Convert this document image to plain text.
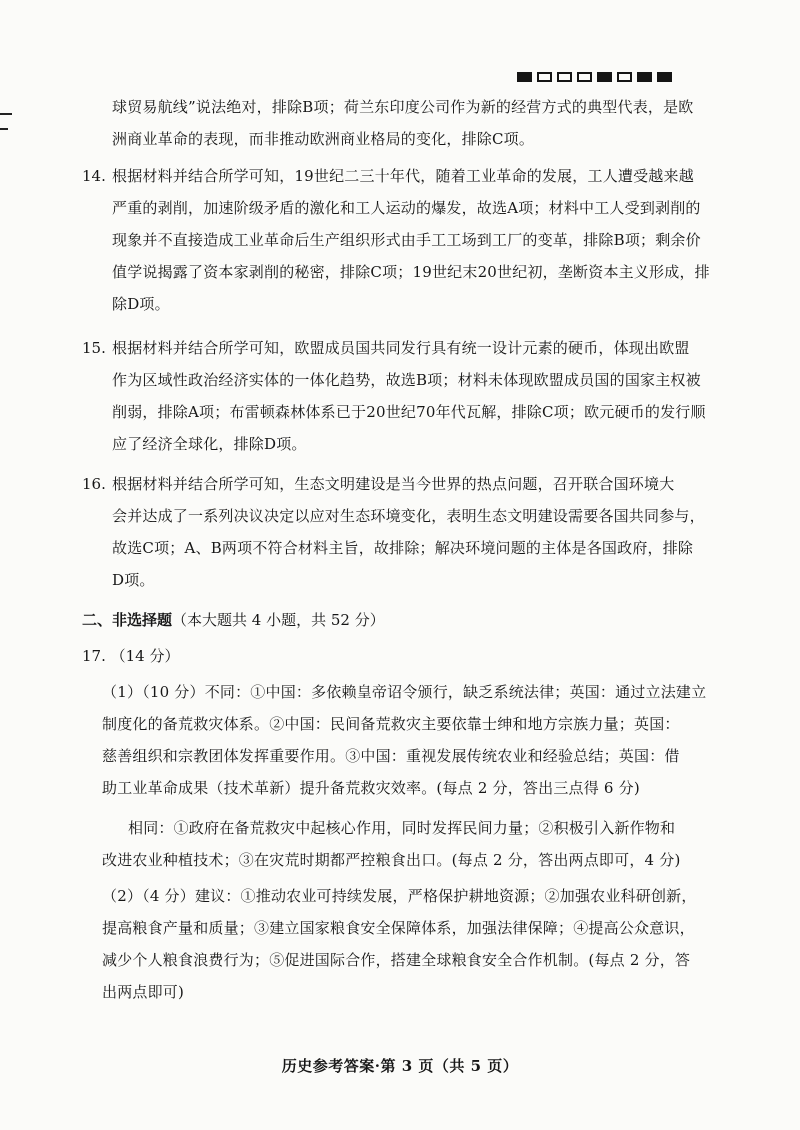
球贸易航线”说法绝对，排除B项；荷兰东印度公司作为新的经营方式的典型代表，是欧
洲商业革命的表现，而非推动欧洲商业格局的变化，排除C项。

14. 根据材料并结合所学可知，19世纪二三十年代，随着工业革命的发展，工人遭受越来越
严重的剥削，加速阶级矛盾的激化和工人运动的爆发，故选A项；材料中工人受到剥削的
现象并不直接造成工业革命后生产组织形式由手工工场到工厂的变革，排除B项；剩余价
值学说揭露了资本家剥削的秘密，排除C项；19世纪末20世纪初，垄断资本主义形成，排
除D项。

15. 根据材料并结合所学可知，欧盟成员国共同发行具有统一设计元素的硬币，体现出欧盟
作为区域性政治经济实体的一体化趋势，故选B项；材料未体现欧盟成员国的国家主权被
削弱，排除A项；布雷顿森林体系已于20世纪70年代瓦解，排除C项；欧元硬币的发行顺
应了经济全球化，排除D项。

16. 根据材料并结合所学可知，生态文明建设是当今世界的热点问题，召开联合国环境大
会并达成了一系列决议决定以应对生态环境变化，表明生态文明建设需要各国共同参与，
故选C项；A、B两项不符合材料主旨，故排除；解决环境问题的主体是各国政府，排除
D项。

二、非选择题（本大题共 4 小题，共 52 分）

17. （14 分）

（1）（10 分）不同：①中国：多依赖皇帝诏令颁行，缺乏系统法律；英国：通过立法建立
制度化的备荒救灾体系。②中国：民间备荒救灾主要依靠士绅和地方宗族力量；英国：
慈善组织和宗教团体发挥重要作用。③中国：重视发展传统农业和经验总结；英国：借
助工业革命成果（技术革新）提升备荒救灾效率。(每点 2 分，答出三点得 6 分)
相同：①政府在备荒救灾中起核心作用，同时发挥民间力量；②积极引入新作物和
改进农业种植技术；③在灾荒时期都严控粮食出口。(每点 2 分，答出两点即可，4 分)
（2）（4 分）建议：①推动农业可持续发展，严格保护耕地资源；②加强农业科研创新，
提高粮食产量和质量；③建立国家粮食安全保障体系，加强法律保障；④提高公众意识，
减少个人粮食浪费行为；⑤促进国际合作，搭建全球粮食安全合作机制。(每点 2 分，答
出两点即可)
历史参考答案·第 3 页（共 5 页）
